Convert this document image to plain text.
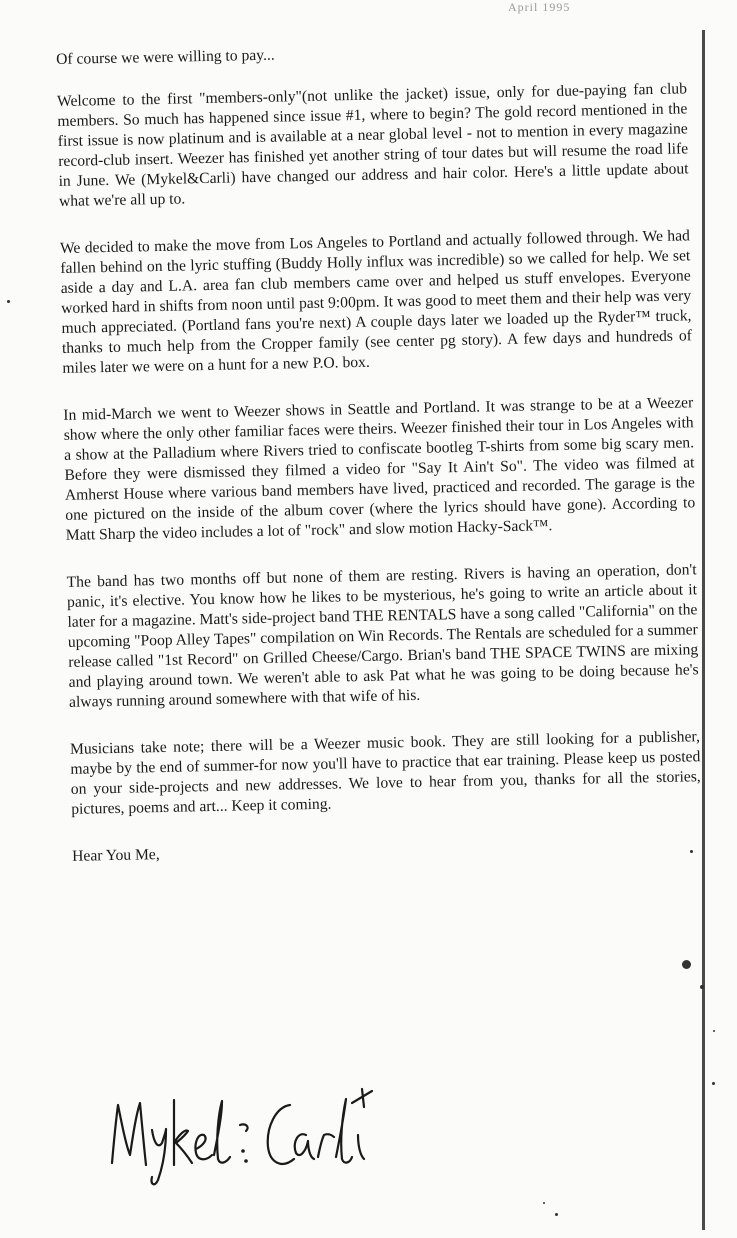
April 1995

Of course we were willing to pay...

Welcome to the first "members-only"(not unlike the jacket) issue, only for due-paying fan club members. So much has happened since issue #1, where to begin? The gold record mentioned in the first issue is now platinum and is available at a near global level - not to mention in every magazine record-club insert. Weezer has finished yet another string of tour dates but will resume the road life in June. We (Mykel&Carli) have changed our address and hair color. Here's a little update about what we're all up to.

We decided to make the move from Los Angeles to Portland and actually followed through. We had fallen behind on the lyric stuffing (Buddy Holly influx was incredible) so we called for help. We set aside a day and L.A. area fan club members came over and helped us stuff envelopes. Everyone worked hard in shifts from noon until past 9:00pm. It was good to meet them and their help was very much appreciated. (Portland fans you're next) A couple days later we loaded up the Ryder™ truck, thanks to much help from the Cropper family (see center pg story). A few days and hundreds of miles later we were on a hunt for a new P.O. box.

In mid-March we went to Weezer shows in Seattle and Portland. It was strange to be at a Weezer show where the only other familiar faces were theirs. Weezer finished their tour in Los Angeles with a show at the Palladium where Rivers tried to confiscate bootleg T-shirts from some big scary men. Before they were dismissed they filmed a video for "Say It Ain't So". The video was filmed at Amherst House where various band members have lived, practiced and recorded. The garage is the one pictured on the inside of the album cover (where the lyrics should have gone). According to Matt Sharp the video includes a lot of "rock" and slow motion Hacky-Sack™.

The band has two months off but none of them are resting. Rivers is having an operation, don't panic, it's elective. You know how he likes to be mysterious, he's going to write an article about it later for a magazine. Matt's side-project band THE RENTALS have a song called "California" on the upcoming "Poop Alley Tapes" compilation on Win Records. The Rentals are scheduled for a summer release called "1st Record" on Grilled Cheese/Cargo. Brian's band THE SPACE TWINS are mixing and playing around town. We weren't able to ask Pat what he was going to be doing because he's always running around somewhere with that wife of his.

Musicians take note; there will be a Weezer music book. They are still looking for a publisher, maybe by the end of summer-for now you'll have to practice that ear training. Please keep us posted on your side-projects and new addresses. We love to hear from you, thanks for all the stories, pictures, poems and art... Keep it coming.

Hear You Me,
